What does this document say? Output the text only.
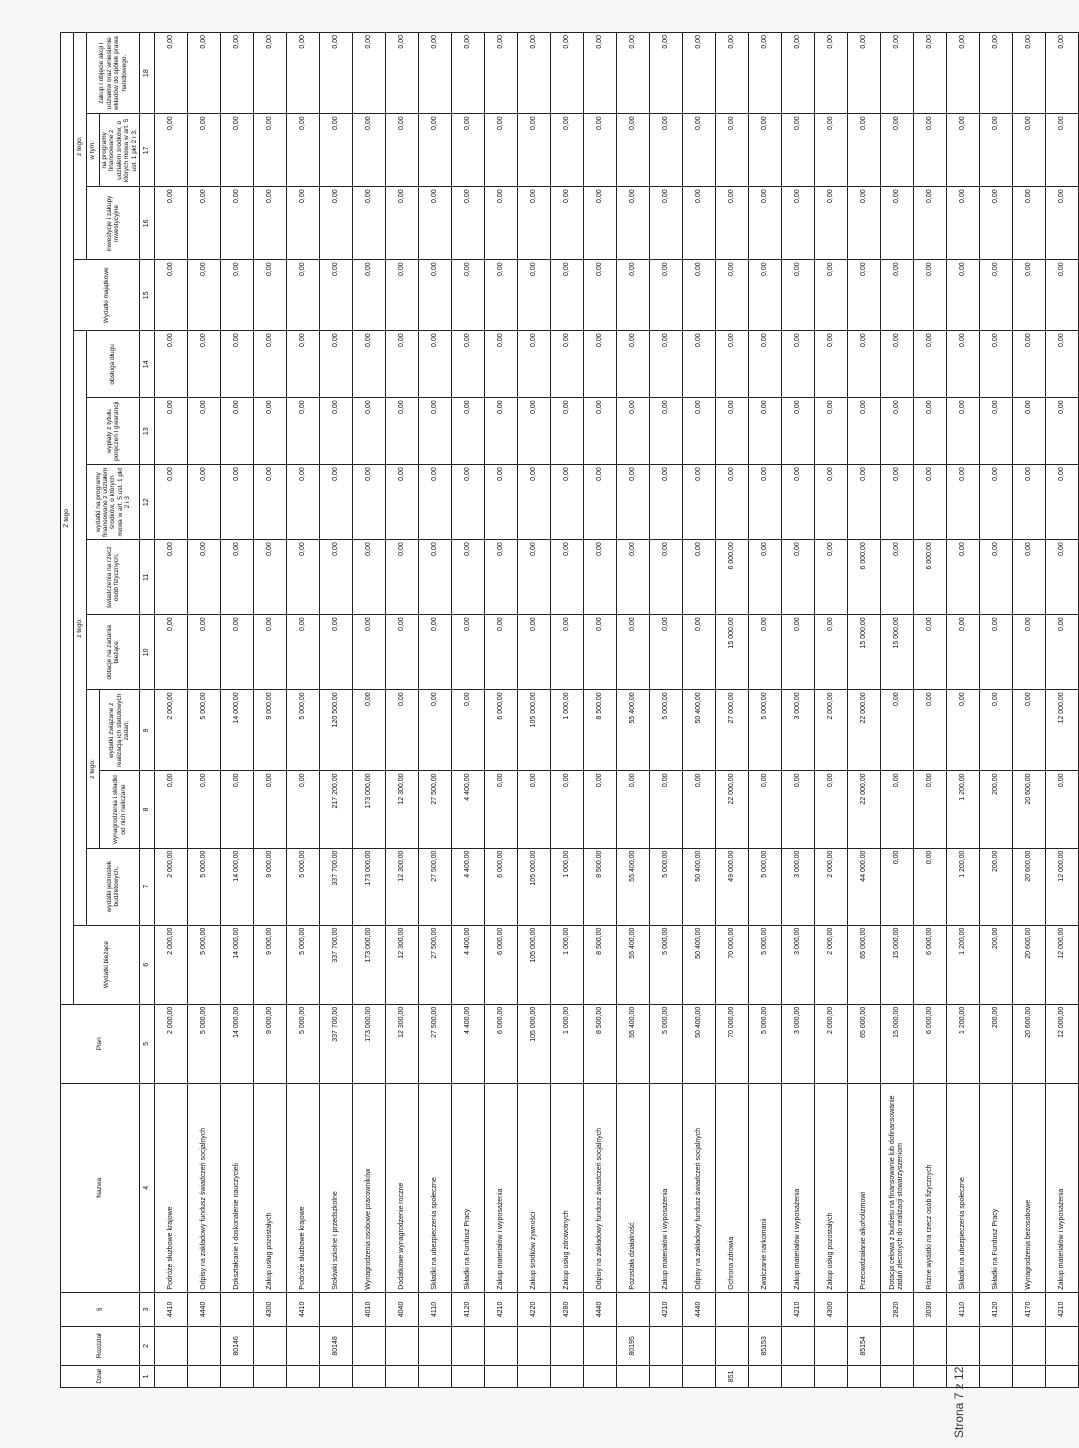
Dział	Rozdział	§	Nazwa	Plan	Z tego												
					Wydatki bieżące	z tego:								Wydatki majątkowe	z tego:		
						wydatki jednostek budżetowych,	z tego:		dotacje na zadania bieżące	świadczenia na rzecz osób fizycznych;	wydatki na programy finansowane z udziałem środków, o których mowa w art. 5 ust. 1 pkt 2 i 3	wypłaty z tytułu poręczeń i gwarancji	obsługa długu		inwestycje i zakupy inwestycyjne	w tym:	zakup i objęcie akcji i udziałów oraz wniesienie wkładów do spółek prawa handlowego.
							wynagrodzenia i składki od nich naliczane	wydatki związane z realizacją ich statutowych zadań;								na programy finansowane z udziałem środków, o których mowa w art. 5 ust. 1 pkt 2 i 3,	
1	2	3	4	5	6	7	8	9	10	11	12	13	14	15	16	17	18
		4410	Podróże służbowe krajowe	2 000,00	2 000,00	2 000,00	0,00	2 000,00	0,00	0,00	0,00	0,00	0,00	0,00	0,00	0,00	0,00
		4440	Odpisy na zakładowy fundusz świadczeń socjalnych	5 000,00	5 000,00	5 000,00	0,00	5 000,00	0,00	0,00	0,00	0,00	0,00	0,00	0,00	0,00	0,00
	80146		Dokształcanie i doskonalenie nauczycieli	14 000,00	14 000,00	14 000,00	0,00	14 000,00	0,00	0,00	0,00	0,00	0,00	0,00	0,00	0,00	0,00
		4300	Zakup usług pozostałych	9 000,00	9 000,00	9 000,00	0,00	9 000,00	0,00	0,00	0,00	0,00	0,00	0,00	0,00	0,00	0,00
		4410	Podróże służbowe krajowe	5 000,00	5 000,00	5 000,00	0,00	5 000,00	0,00	0,00	0,00	0,00	0,00	0,00	0,00	0,00	0,00
	80148		Stołówki szkolne i przedszkolne	337 700,00	337 700,00	337 700,00	217 200,00	120 500,00	0,00	0,00	0,00	0,00	0,00	0,00	0,00	0,00	0,00
		4010	Wynagrodzenia osobowe pracowników	173 000,00	173 000,00	173 000,00	173 000,00	0,00	0,00	0,00	0,00	0,00	0,00	0,00	0,00	0,00	0,00
		4040	Dodatkowe wynagrodzenie roczne	12 300,00	12 300,00	12 300,00	12 300,00	0,00	0,00	0,00	0,00	0,00	0,00	0,00	0,00	0,00	0,00
		4110	Składki na ubezpieczenia społeczne	27 500,00	27 500,00	27 500,00	27 500,00	0,00	0,00	0,00	0,00	0,00	0,00	0,00	0,00	0,00	0,00
		4120	Składki na Fundusz Pracy	4 400,00	4 400,00	4 400,00	4 400,00	0,00	0,00	0,00	0,00	0,00	0,00	0,00	0,00	0,00	0,00
		4210	Zakup materiałów i wyposażenia	6 000,00	6 000,00	6 000,00	0,00	6 000,00	0,00	0,00	0,00	0,00	0,00	0,00	0,00	0,00	0,00
		4220	Zakup środków żywności	105 000,00	105 000,00	105 000,00	0,00	105 000,00	0,00	0,00	0,00	0,00	0,00	0,00	0,00	0,00	0,00
		4280	Zakup usług zdrowotnych	1 000,00	1 000,00	1 000,00	0,00	1 000,00	0,00	0,00	0,00	0,00	0,00	0,00	0,00	0,00	0,00
		4440	Odpisy na zakładowy fundusz świadczeń socjalnych	8 500,00	8 500,00	8 500,00	0,00	8 500,00	0,00	0,00	0,00	0,00	0,00	0,00	0,00	0,00	0,00
	80195		Pozostała działalność	55 400,00	55 400,00	55 400,00	0,00	55 400,00	0,00	0,00	0,00	0,00	0,00	0,00	0,00	0,00	0,00
		4210	Zakup materiałów i wyposażenia	5 000,00	5 000,00	5 000,00	0,00	5 000,00	0,00	0,00	0,00	0,00	0,00	0,00	0,00	0,00	0,00
		4440	Odpisy na zakładowy fundusz świadczeń socjalnych	50 400,00	50 400,00	50 400,00	0,00	50 400,00	0,00	0,00	0,00	0,00	0,00	0,00	0,00	0,00	0,00
851			Ochrona zdrowia	70 000,00	70 000,00	49 000,00	22 000,00	27 000,00	15 000,00	6 000,00	0,00	0,00	0,00	0,00	0,00	0,00	0,00
	85153		Zwalczanie narkomanii	5 000,00	5 000,00	5 000,00	0,00	5 000,00	0,00	0,00	0,00	0,00	0,00	0,00	0,00	0,00	0,00
		4210	Zakup materiałów i wyposażenia	3 000,00	3 000,00	3 000,00	0,00	3 000,00	0,00	0,00	0,00	0,00	0,00	0,00	0,00	0,00	0,00
		4300	Zakup usług pozostałych	2 000,00	2 000,00	2 000,00	0,00	2 000,00	0,00	0,00	0,00	0,00	0,00	0,00	0,00	0,00	0,00
	85154		Przeciwdziałanie alkoholizmowi	65 000,00	65 000,00	44 000,00	22 000,00	22 000,00	15 000,00	6 000,00	0,00	0,00	0,00	0,00	0,00	0,00	0,00
		2820	Dotacja celowa z budżetu na finansowanie lub dofinansowanie zadań zleconych do realizacji stowarzyszeniom	15 000,00	15 000,00	0,00	0,00	0,00	15 000,00	0,00	0,00	0,00	0,00	0,00	0,00	0,00	0,00
		3030	Różne wydatki na rzecz osób fizycznych	6 000,00	6 000,00	0,00	0,00	0,00	0,00	6 000,00	0,00	0,00	0,00	0,00	0,00	0,00	0,00
		4110	Składki na ubezpieczenia społeczne	1 200,00	1 200,00	1 200,00	1 200,00	0,00	0,00	0,00	0,00	0,00	0,00	0,00	0,00	0,00	0,00
		4120	Składki na Fundusz Pracy	200,00	200,00	200,00	200,00	0,00	0,00	0,00	0,00	0,00	0,00	0,00	0,00	0,00	0,00
		4170	Wynagrodzenia bezosobowe	20 600,00	20 600,00	20 600,00	20 600,00	0,00	0,00	0,00	0,00	0,00	0,00	0,00	0,00	0,00	0,00
		4210	Zakup materiałów i wyposażenia	12 000,00	12 000,00	12 000,00	0,00	12 000,00	0,00	0,00	0,00	0,00	0,00	0,00	0,00	0,00	0,00
Strona 7 z 12
